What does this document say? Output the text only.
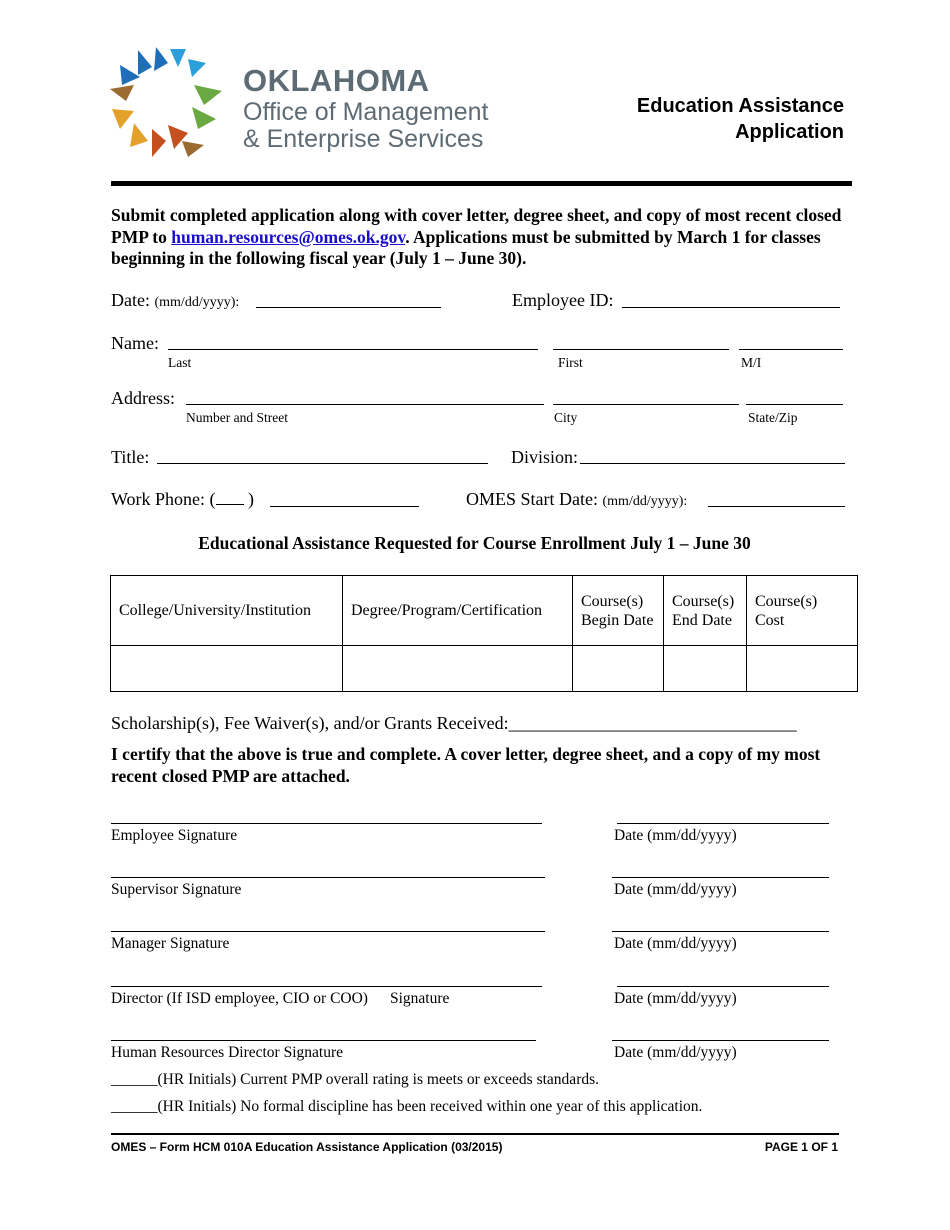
OKLAHOMA
Office of Management
& Enterprise Services
Education Assistance
Application
Submit completed application along with cover letter, degree sheet, and copy of most recent closed PMP to human.resources@omes.ok.gov. Applications must be submitted by March 1 for classes beginning in the following fiscal year (July 1 – June 30).
Date: (mm/dd/yyyy):	Employee ID:
Name:
Last	First	M/I
Address:
Number and Street	City	State/Zip
Title:	Division:
Work Phone: ( )	OMES Start Date: (mm/dd/yyyy):
Educational Assistance Requested for Course Enrollment July 1 – June 30
College/University/Institution	Degree/Program/Certification	Course(s) Begin Date	Course(s) End Date	Course(s) Cost

Scholarship(s), Fee Waiver(s), and/or Grants Received:________________________________
I certify that the above is true and complete. A cover letter, degree sheet, and a copy of my most recent closed PMP are attached.
Employee Signature	Date (mm/dd/yyyy)
Supervisor Signature	Date (mm/dd/yyyy)
Manager Signature	Date (mm/dd/yyyy)
Director (If ISD employee, CIO or COO) Signature	Date (mm/dd/yyyy)
Human Resources Director Signature	Date (mm/dd/yyyy)
______(HR Initials) Current PMP overall rating is meets or exceeds standards.
______(HR Initials) No formal discipline has been received within one year of this application.
OMES – Form HCM 010A Education Assistance Application (03/2015)	PAGE 1 OF 1
